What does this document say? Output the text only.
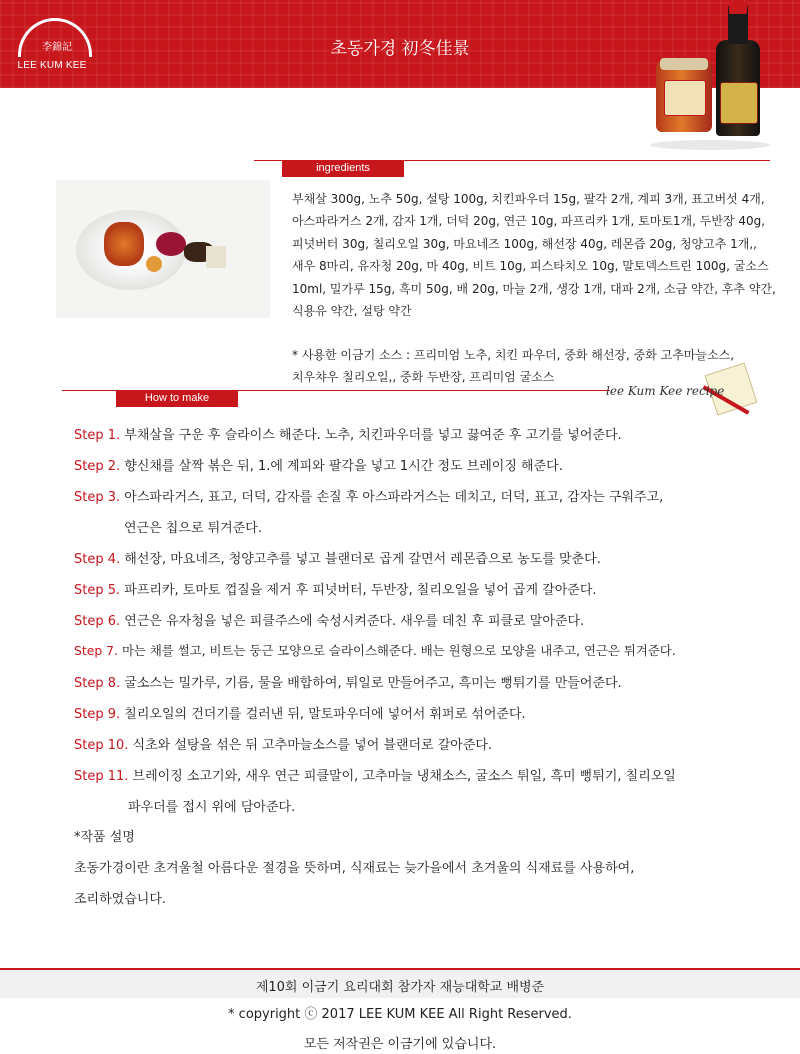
李錦記
LEE KUM KEE
초동가경 初冬佳景
ingredients

부채살 300g, 노추 50g, 설탕 100g, 치킨파우더 15g, 팔각 2개, 계피 3개, 표고버섯 4개,

아스파라거스 2개, 감자 1개, 더덕 20g, 연근 10g, 파프리카 1개, 토마토1개, 두반장 40g,

피넛버터 30g, 칠리오일 30g, 마요네즈 100g, 해선장 40g, 레몬즙 20g, 청양고추 1개,,

새우 8마리, 유자청 20g, 마 40g, 비트 10g, 피스타치오 10g, 말토덱스트린 100g, 굴소스

10ml, 밀가루 15g, 흑미 50g, 배 20g, 마늘 2개, 생강 1개, 대파 2개, 소금 약간, 후추 약간,

식용유 약간, 설탕 약간

* 사용한 이금기 소스 : 프리미엄 노추, 치킨 파우더, 중화 해선장, 중화 고추마늘소스,

치우챠우 칠리오일,, 중화 두반장, 프리미엄 굴소스

How to make	lee Kum Kee recipe
Step 1. 부채살을 구운 후 슬라이스 해준다. 노추, 치킨파우더를 넣고 끓여준 후 고기를 넣어준다.
Step 2. 향신채를 살짝 볶은 뒤, 1.에 계피와 팔각을 넣고 1시간 정도 브레이징 해준다.
Step 3. 아스파라거스, 표고, 더덕, 감자를 손질 후 아스파라거스는 데치고, 더덕, 표고, 감자는 구워주고,
연근은 칩으로 튀겨준다.
Step 4. 해선장, 마요네즈, 청양고추를 넣고 블랜더로 곱게 갈면서 레몬즙으로 농도를 맞춘다.
Step 5. 파프리카, 토마토 껍질을 제거 후 피넛버터, 두반장, 칠리오일을 넣어 곱게 갈아준다.
Step 6. 연근은 유자청을 넣은 피클주스에 숙성시켜준다. 새우를 데친 후 피클로 말아준다.
Step 7. 마는 채를 썰고, 비트는 둥근 모양으로 슬라이스해준다. 배는 원형으로 모양을 내주고, 연근은 튀겨준다.
Step 8. 굴소스는 밀가루, 기름, 물을 배합하여, 튀일로 만들어주고, 흑미는 뻥튀기를 만들어준다.
Step 9. 칠리오일의 건더기를 걸러낸 뒤, 말토파우더에 넣어서 휘퍼로 섞어준다.
Step 10. 식초와 설탕을 섞은 뒤 고추마늘소스를 넣어 블랜더로 갈아준다.
Step 11. 브레이징 소고기와, 새우 연근 피클말이, 고추마늘 냉채소스, 굴소스 튀일, 흑미 뻥튀기, 칠리오일
파우더를 접시 위에 담아준다.
*작품 설명
초동가경이란 초겨울철 아름다운 절경을 뜻하며, 식재료는 늦가을에서 초겨울의 식재료를 사용하여,
조리하였습니다.
제10회 이금기 요리대회 참가자 재능대학교 배병준
* copyright ⓒ 2017 LEE KUM KEE All Right Reserved.
모든 저작권은 이금기에 있습니다.
